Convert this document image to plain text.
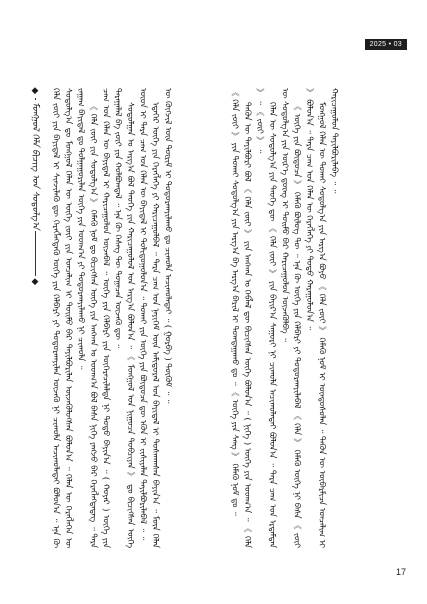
2025 • 03
◆
◆
ᠮᠣᠩᠭᠣᠯ ᠬᠡᠯᠡ ᠪᠢᠴᠢᠭ᠌ ᠤᠨ ᠰᠤᠳᠤᠯᠭ᠎ᠠ	ᠬᠡᠯᠡ ᠵᠦᠢ ᠶᠢᠨ ᠪᠠᠶᠢᠳᠠᠯ ᠢ ᠰᠢᠨᠵᠢᠯᠡᠬᠦ ᠳᠦ ᠬᠡᠷᠡᠭᠯᠡᠭᠳᠡᠬᠦ ᠦᠭᠡ ᠶᠢᠨ ᠬᠡᠯᠪᠡᠷᠢ ᠶᠢ ᠲᠣᠳᠣᠷᠬᠠᠶᠢᠯᠠᠨ ᠦᠵᠡᠬᠦ ᠨᠢ ᠴᠢᠬᠤᠯᠠ ᠠᠴᠢᠬᠤᠯᠠᠲᠠᠢ ᠪᠣᠯᠤᠨ᠎ᠠ ᠃ ᠡᠨᠡ ᠬᠦ ᠰᠣᠳᠤᠯᠭ᠎ᠠ ᠳᠤ ᠮᠣᠩᠭᠣᠯ ᠬᠡᠯᠡᠨ ᠦ ᠦᠭᠡ ᠵᠦᠢ ᠶᠢᠨ ᠣᠨᠴᠠᠯᠢᠭ ᠢ ᠲᠣᠢᠮᠤ ᠪᠡᠷ ᠲᠠᠶᠢᠯᠪᠤᠷᠢᠯᠠᠨ ᠦᠵᠡᠭᠦᠯᠦᠭᠰᠡᠨ ᠪᠣᠯᠤᠨ᠎ᠠ ᠃ ᠬᠡᠯᠡᠨ ᠦ ᠬᠡᠷᠡᠭᠯᠡᠭᠡᠨ ᠦ ᠵᠠᠭᠠᠭ ᠪᠠᠶᠢᠳᠠᠯ ᠳᠤ ᠲᠤᠯᠭᠠᠭᠤᠷᠢᠯᠠᠨ ᠦᠭᠡ ᠶᠢᠨ ᠤᠳᠬ᠎ᠠ ᠶᠢ ᠲᠣᠳᠣᠷᠬᠠᠶᠢᠯᠠᠬᠤ ᠨᠢ ᠴᠢᠬᠤᠯᠠ ᠃ 《 ᠬᠡᠯᠡ ᠵᠦᠢ ᠶᠢᠨ ᠰᠤᠳᠤᠯᠭ᠎ᠠ 》 ᠬᠡᠮᠡᠬᠦ ᠨᠣᠮ ᠳᠤ ᠪᠢᠴᠢᠭᠰᠡᠨ ᠦᠭᠡ ᠶᠢᠨ ᠠᠩᠬᠠᠨ ᠤ ᠤᠳᠬ᠎ᠠ ᠪᠣᠯ ᠪᠠᠰᠠ ᠨᠢᠭᠡ ᠶᠠᠩᠵᠤ ᠪᠡᠷ ᠬᠡᠷᠡᠭᠯᠡᠭᠳᠡᠳᠡᠭ ᠃ ᠲᠡᠷᠡ ᠴᠠᠭ ᠤᠨ ᠬᠡᠯᠡᠨ ᠦ ᠪᠠᠶᠢᠳᠠᠯ ᠢ ᠬᠠᠷᠢᠴᠠᠭᠤᠯᠤᠨ ᠦᠵᠡᠪᠡᠯ ᠃ ᠦᠭᠡ ᠶᠢᠨ ᠬᠡᠯᠪᠡᠷᠢ ᠶᠢᠨ ᠥᠭᠡᠷᠡᠴᠢᠯᠡᠯᠲᠡ ᠨᠢ ᠲᠣᠳᠣ ᠪᠠᠶᠢᠨ᠎ᠠ ᠃ ( ᠬᠣᠶᠠᠷ ) ᠦᠭᠡ ᠶᠢᠨ ᠳᠠᠷᠠᠭᠠᠯᠠᠯ ᠪᠠ ᠵᠦᠢ ᠶᠢᠨ ᠬᠣᠯᠪᠣᠭᠳᠠᠯ ᠃ ᠡᠨᠡ ᠬᠦ ᠬᠡᠰᠡᠭ ᠲᠦ ᠲᠣᠭᠠᠴᠠᠨ ᠦᠵᠡᠬᠦ ᠳᠦ ᠃ ᠰᠣᠳᠤᠯᠭᠠᠨ ᠤ ᠠᠷᠭ᠎ᠠ ᠪᠣᠯ ᠲᠡᠦᠬᠡ ᠶᠢᠨ ᠬᠠᠷᠢᠴᠠᠭᠤᠯᠤᠯ ᠤᠨ ᠠᠷᠭ᠎ᠠ ᠪᠣᠯᠤᠨ᠎ᠠ ᠃ 《 ᠮᠣᠩᠭᠣᠯ ᠤᠨ ᠨᠢᠭᠤᠴᠠ ᠲᠣᠪᠴᠢᠶᠠᠨ 》 ᠳᠤ ᠪᠢᠴᠢᠭᠰᠡᠨ ᠦᠭᠡ ᠦᠳ ᠢ ᠲᠡᠷᠡ ᠴᠠᠭ ᠤᠨ ᠬᠡᠯᠡᠨ ᠦ ᠪᠠᠶᠢᠳᠠᠯ ᠢ ᠲᠣᠯᠢᠳᠤᠭᠤᠯᠤᠨ᠎ᠠ ᠃ ᠲᠤᠬᠠᠢ ᠶᠢᠨ ᠦᠭᠡ ᠶᠢᠨ ᠪᠦᠲᠦᠴᠡ ᠳᠦ ᠡᠭᠦᠨ ᠢ ᠵᠢᠱᠢᠶᠡᠯᠡᠨ ᠲᠠᠶᠢᠯᠪᠤᠷᠢᠯᠠᠪᠠᠯ ᠃ ᠃ ᠡᠳᠡᠭᠡᠷ ᠦᠭᠡ ᠶᠢᠨ ᠬᠡᠷᠡᠭᠯᠡᠭᠡ ᠶᠢ ᠬᠠᠷᠢᠴᠠᠭᠤᠯᠪᠠᠯ ᠃ ᠲᠡᠷᠡ ᠴᠠᠭ ᠤᠨ ᠨᠡᠶᠢᠭᠡᠮ ᠦᠨ ᠠᠮᠢᠳᠤᠷᠠᠯ ᠤᠨ ᠪᠠᠶᠢᠳᠠᠯ ᠢ ᠲᠤᠰᠬᠠᠭᠰᠠᠨ ᠪᠠᠶᠢᠨ᠎ᠠ ᠃ ᠮᠥᠨ ᠬᠡᠯᠡᠨ ᠦ ᠬᠥᠭᠵᠢᠯ ᠦᠨ ᠳᠦᠷᠢᠮ ᠢ ᠲᠣᠳᠣᠷᠬᠠᠶᠢᠯᠠᠬᠤ ᠳᠤ ᠴᠢᠬᠤᠯᠠ ᠠᠴᠢᠬᠤᠯᠠᠲᠠᠢ ᠃ ( ᠭᠤᠷᠪᠠ ) ᠳᠦᠭᠦᠮ ᠃ ᠃	《 ᠬᠡᠯᠡ ᠵᠦᠢ 》 ᠶᠢᠨ ᠲᠤᠬᠠᠢ ᠰᠣᠳᠤᠯᠭ᠎ᠠ ᠶᠢᠨ ᠠᠷᠭ᠎ᠠ ᠪᠠ ᠠᠷᠭ᠎ᠠ ᠪᠠᠷᠢᠯ ᠢ ᠲᠣᠭᠲᠠᠭᠠᠬᠤ ᠳᠤ ᠃ 《 ᠦᠭᠡ ᠶᠢᠨ ᠰᠠᠩ 》 ᠬᠡᠮᠡᠬᠦ ᠨᠣᠮ ᠳᠤ ᠃ ᠲᠡᠭᠦᠨ ᠦ ᠲᠠᠶᠢᠯᠪᠤᠷᠢ ᠪᠣᠯ 《 ᠬᠡᠯᠡ ᠵᠦᠢ 》 ᠶᠢᠨ ᠠᠩᠬᠠᠨ ᠤ ᠬᠡᠪᠯᠡᠯ ᠳᠦ ᠪᠢᠴᠢᠭᠰᠡᠨ ᠦᠭᠡ ᠪᠣᠯᠤᠨ᠎ᠠ ᠃ ( ᠨᠢᠭᠡ ) ᠦᠭᠡ ᠶᠢᠨ ᠤᠳᠬ᠎ᠠ ᠃ 《 ᠬᠡᠯᠡ 》 ᠃ 《 ᠵᠦᠢ 》 ᠃ ᠬᠡᠯᠡᠨ ᠦ ᠰᠣᠳᠤᠯᠭ᠎ᠠ ᠶᠢᠨ ᠲᠡᠦᠬᠡ ᠳᠦ 《 ᠬᠡᠯᠡ ᠵᠦᠢ 》 ᠶᠢᠨ ᠪᠠᠶᠢᠷ᠎ᠠ ᠰᠠᠭᠤᠷᠢ ᠨᠢ ᠴᠢᠬᠤᠯᠠ ᠠᠴᠢᠬᠤᠯᠠᠲᠠᠢ ᠪᠣᠯᠤᠨ᠎ᠠ ᠃ ᠲᠡᠷᠡ ᠴᠠᠭ ᠤᠨ ᠡᠷᠳᠡᠮᠲᠡᠨ ᠦ ᠰᠣᠳᠤᠯᠭ᠎ᠠ ᠶᠢᠨ ᠦᠷ᠎ᠡ ᠳ᠋ᠦᠩ ᠢ ᠲᠣᠢᠮᠤ ᠪᠡᠷ ᠬᠠᠷᠢᠴᠠᠭᠤᠯᠤᠨ ᠦᠵᠡᠭᠦᠯᠪᠡ ᠃ 《 ᠦᠭᠡ ᠶᠢᠨ ᠪᠦᠲᠦᠴᠡ 》 ᠬᠡᠮᠡᠬᠦ ᠪᠦᠯᠦᠭ ᠲᠦ ᠃ ᠡᠨᠡ ᠬᠦ ᠦᠭᠡ ᠶᠢᠨ ᠬᠡᠯᠪᠡᠷᠢ ᠶᠢ ᠲᠣᠳᠣᠷᠬᠠᠶᠢᠯᠠᠪᠠᠯ 《 ᠬᠡᠯᠡ 》 ᠬᠡᠮᠡᠬᠦ ᠦᠭᠡ ᠨᠢ ᠪᠠᠰᠠ 《 ᠵᠦᠢ 》 ᠪᠣᠯᠤᠨ᠎ᠠ ᠃ ᠲᠡᠷᠡ ᠴᠠᠭ ᠤᠨ ᠬᠡᠯᠡᠨ ᠦ ᠬᠡᠷᠡᠭᠯᠡᠭᠡ ᠶᠢ ᠲᠣᠳᠣ ᠬᠠᠷᠠᠭᠤᠯᠤᠨ᠎ᠠ ᠃ ᠮᠣᠩᠭᠣᠯ ᠬᠡᠯᠡᠨ ᠦ ᠲᠤᠬᠠᠢ ᠰᠣᠳᠤᠯᠭ᠎ᠠ ᠶᠢᠨ ᠠᠷᠭ᠎ᠠ ᠪᠤᠶᠤ 《 ᠬᠡᠯᠡ ᠵᠦᠢ 》 ᠬᠡᠮᠡᠬᠦ ᠨᠣᠮ ᠢ ᠦᠨᠳᠦᠰᠦᠯᠡᠨ ᠃ ᠲᠡᠭᠦᠨ ᠦ ᠥᠪᠡᠷᠮᠢᠴᠡ ᠣᠨᠴᠠᠯᠢᠭ ᠢ ᠬᠠᠷᠢᠴᠠᠭᠤᠯᠤᠨ ᠲᠠᠶᠢᠯᠪᠤᠷᠢᠯᠠᠪᠠ ᠃ ᠃
17
